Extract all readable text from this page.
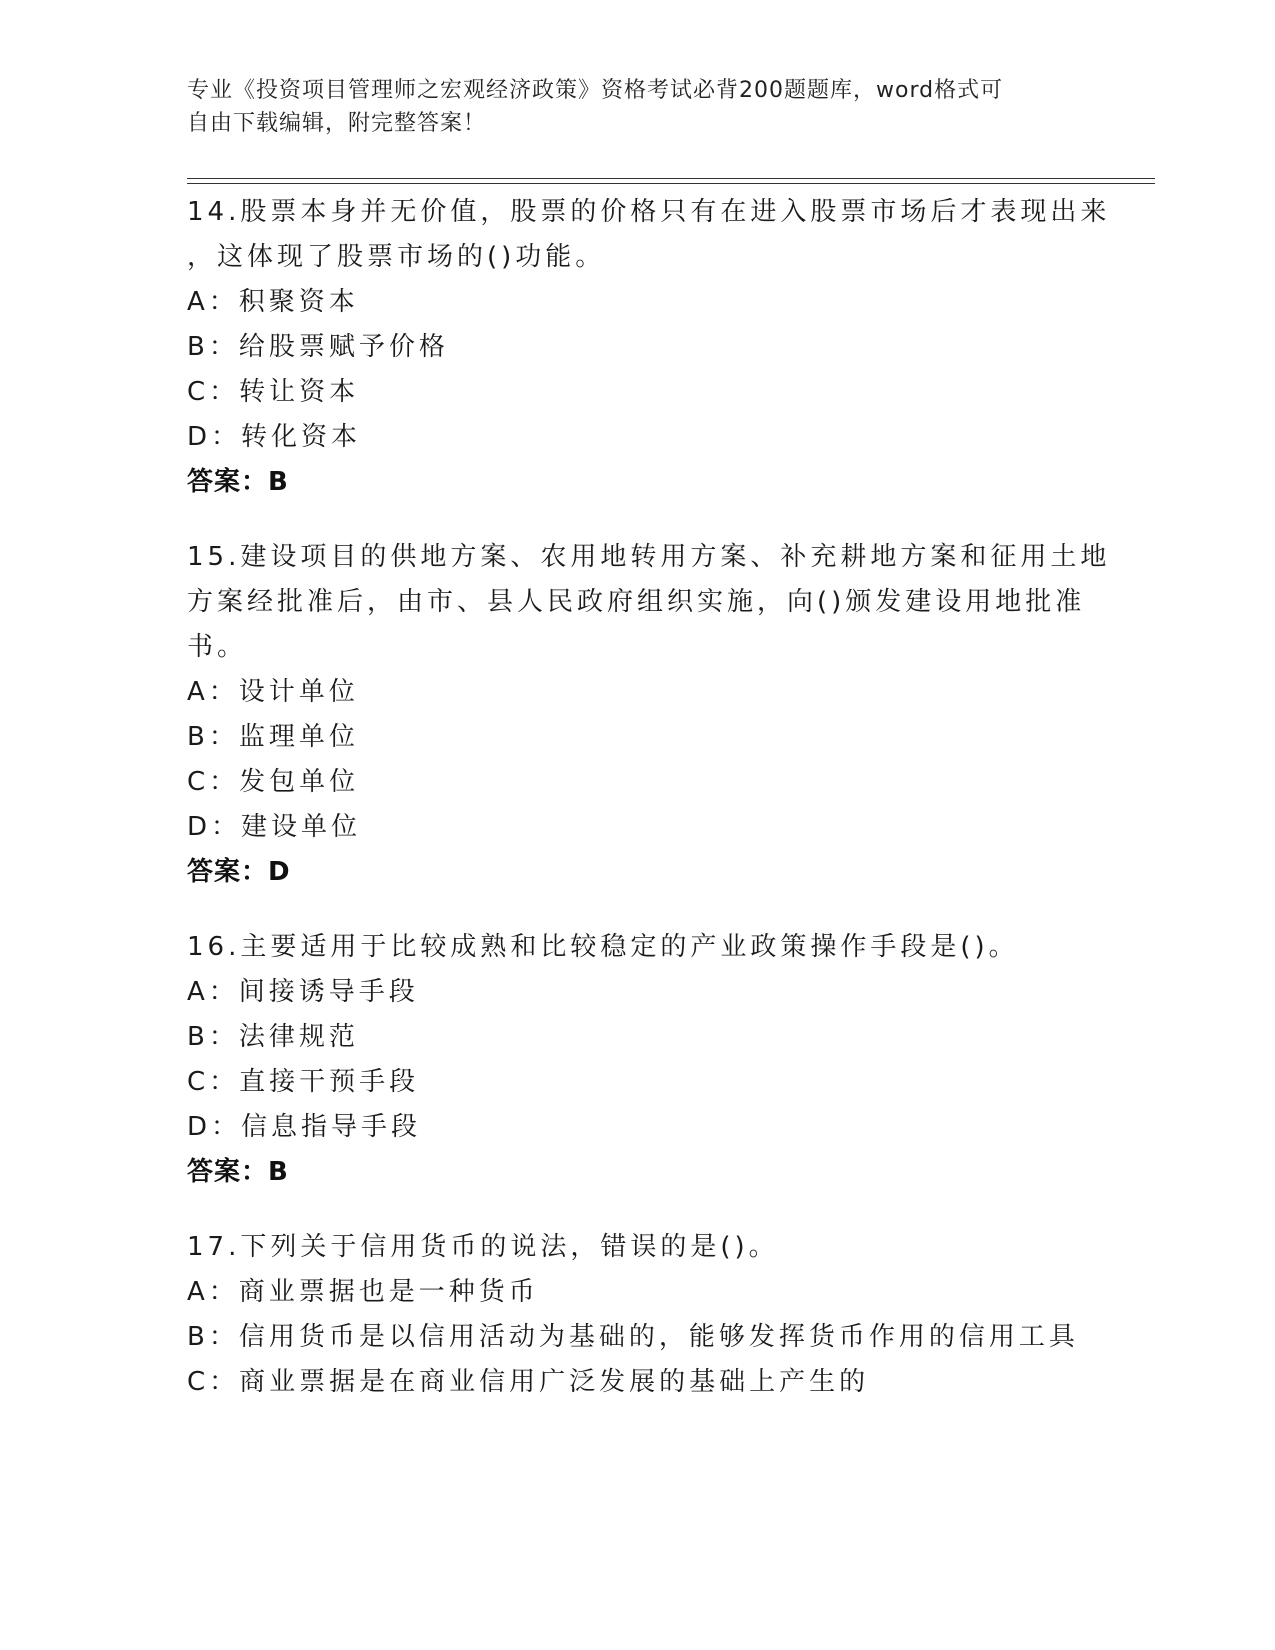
专业《投资项目管理师之宏观经济政策》资格考试必背200题题库，word格式可
自由下载编辑，附完整答案！
14.股票本身并无价值，股票的价格只有在进入股票市场后才表现出来
，这体现了股票市场的()功能。

A：积聚资本

B：给股票赋予价格

C：转让资本

D：转化资本

答案：B

15.建设项目的供地方案、农用地转用方案、补充耕地方案和征用土地
方案经批准后，由市、县人民政府组织实施，向()颁发建设用地批准
书。

A：设计单位

B：监理单位

C：发包单位

D：建设单位

答案：D

16.主要适用于比较成熟和比较稳定的产业政策操作手段是()。

A：间接诱导手段

B：法律规范

C：直接干预手段

D：信息指导手段

答案：B

17.下列关于信用货币的说法，错误的是()。

A：商业票据也是一种货币

B：信用货币是以信用活动为基础的，能够发挥货币作用的信用工具

C：商业票据是在商业信用广泛发展的基础上产生的
